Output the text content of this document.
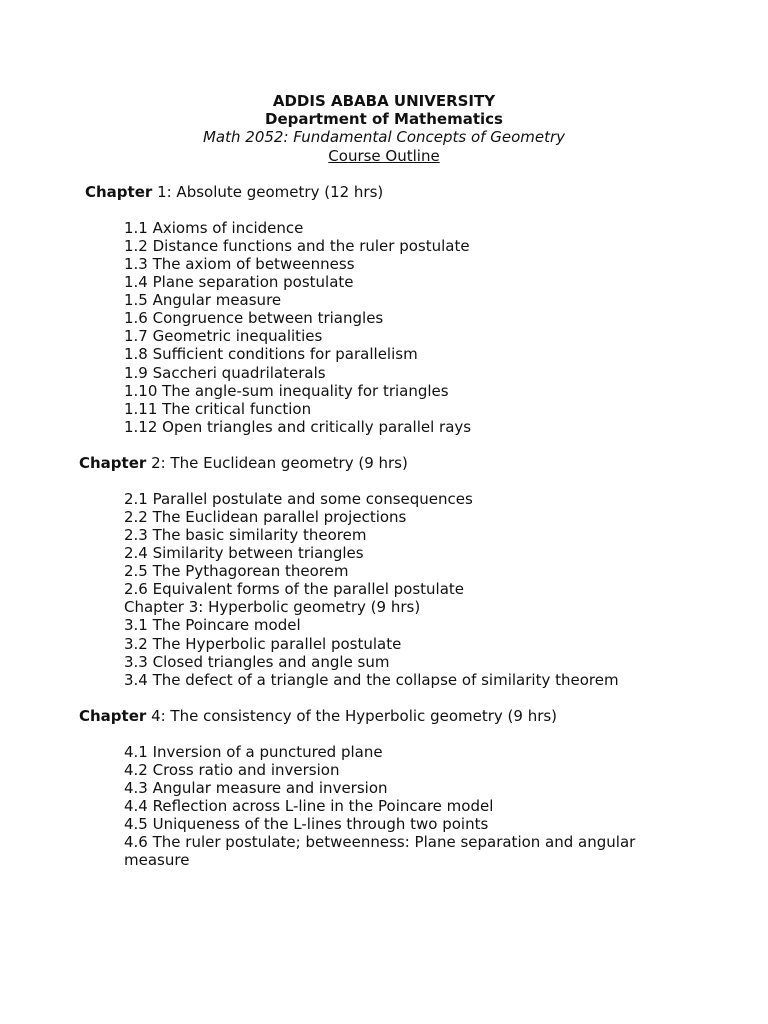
ADDIS ABABA UNIVERSITY
Department of Mathematics
Math 2052: Fundamental Concepts of Geometry
Course Outline
Chapter 1: Absolute geometry (12 hrs)
1.1 Axioms of incidence
1.2 Distance functions and the ruler postulate
1.3 The axiom of betweenness
1.4 Plane separation postulate
1.5 Angular measure
1.6 Congruence between triangles
1.7 Geometric inequalities
1.8 Sufficient conditions for parallelism
1.9 Saccheri quadrilaterals
1.10 The angle-sum inequality for triangles
1.11 The critical function
1.12 Open triangles and critically parallel rays
Chapter 2: The Euclidean geometry (9 hrs)
2.1 Parallel postulate and some consequences
2.2 The Euclidean parallel projections
2.3 The basic similarity theorem
2.4 Similarity between triangles
2.5 The Pythagorean theorem
2.6 Equivalent forms of the parallel postulate
Chapter 3: Hyperbolic geometry (9 hrs)
3.1 The Poincare model
3.2 The Hyperbolic parallel postulate
3.3 Closed triangles and angle sum
3.4 The defect of a triangle and the collapse of similarity theorem
Chapter 4: The consistency of the Hyperbolic geometry (9 hrs)
4.1 Inversion of a punctured plane
4.2 Cross ratio and inversion
4.3 Angular measure and inversion
4.4 Reflection across L-line in the Poincare model
4.5 Uniqueness of the L-lines through two points
4.6 The ruler postulate; betweenness: Plane separation and angular measure
